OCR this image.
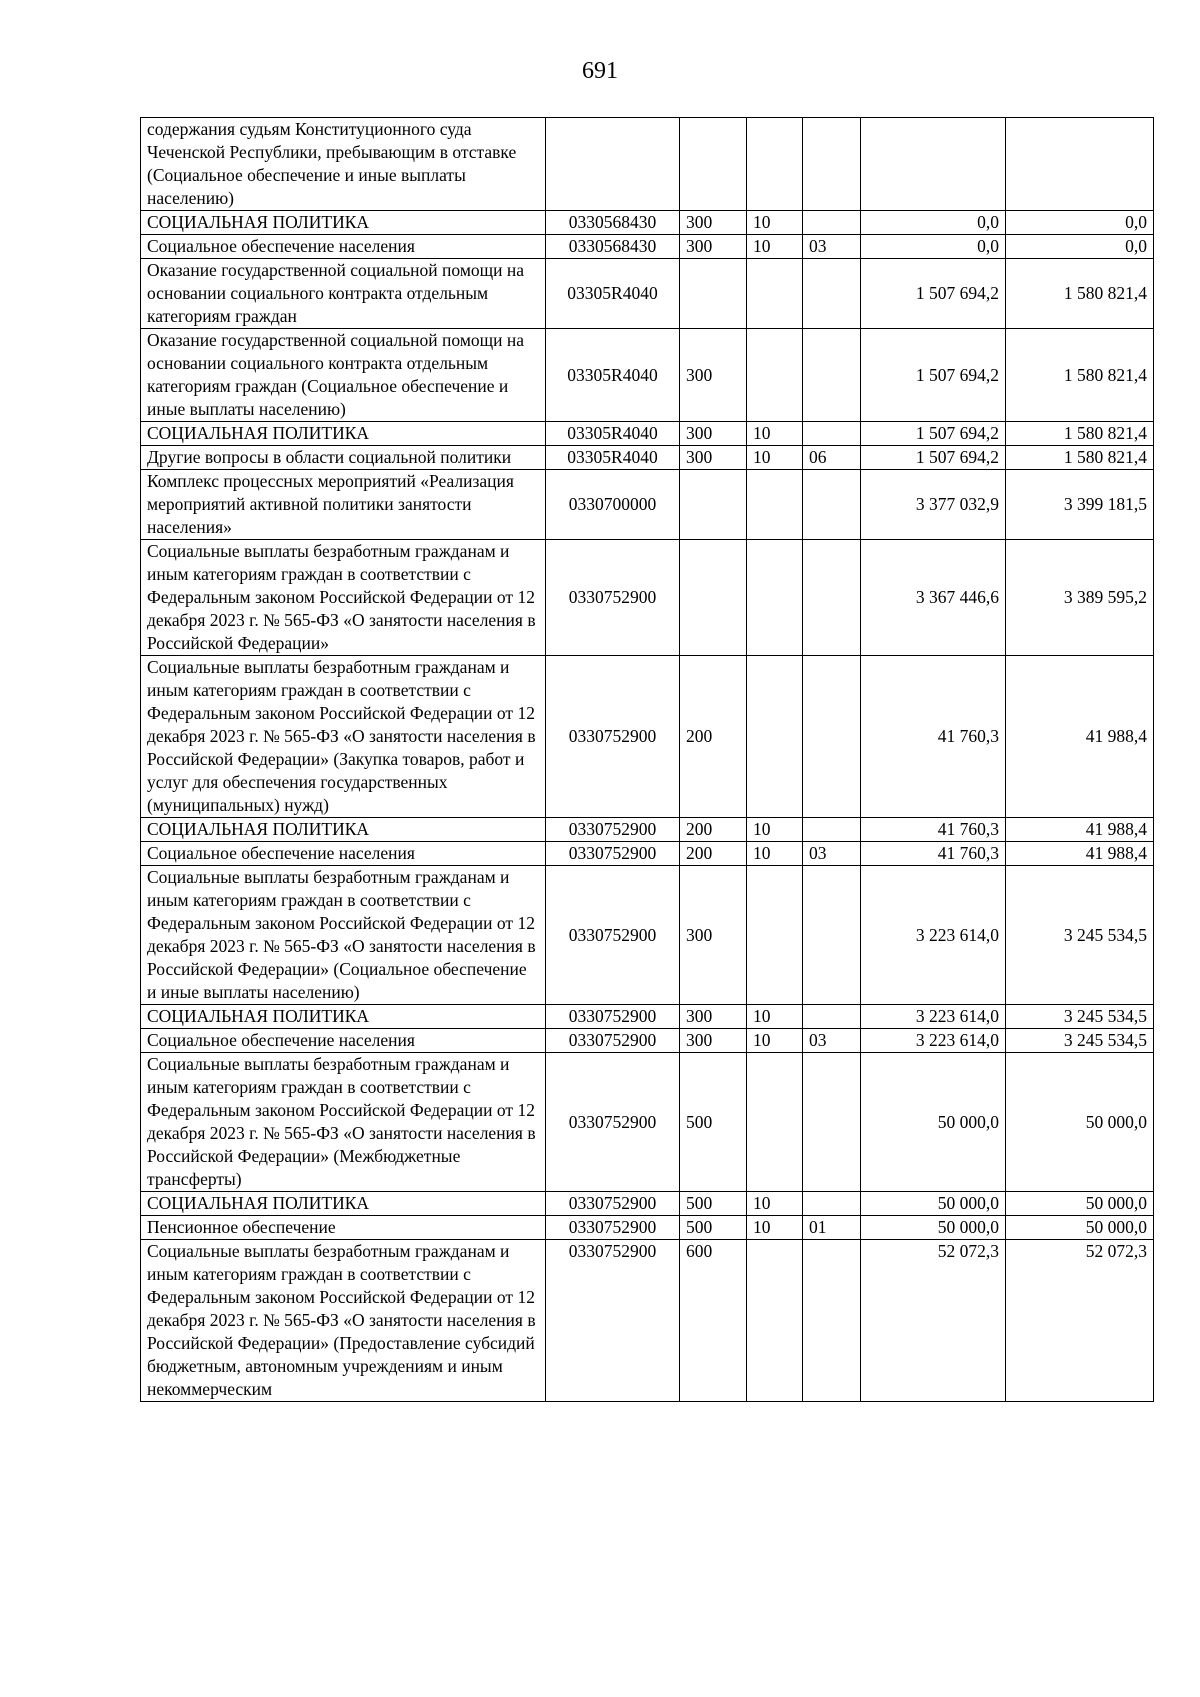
691
содержания судьям Конституционного суда Чеченской Республики, пребывающим в отставке (Социальное обеспечение и иные выплаты населению)						
СОЦИАЛЬНАЯ ПОЛИТИКА	0330568430	300	10		0,0	0,0
Социальное обеспечение населения	0330568430	300	10	03	0,0	0,0
Оказание государственной социальной помощи на основании социального контракта отдельным категориям граждан	03305R4040				1 507 694,2	1 580 821,4
Оказание государственной социальной помощи на основании социального контракта отдельным категориям граждан (Социальное обеспечение и иные выплаты населению)	03305R4040	300			1 507 694,2	1 580 821,4
СОЦИАЛЬНАЯ ПОЛИТИКА	03305R4040	300	10		1 507 694,2	1 580 821,4
Другие вопросы в области социальной политики	03305R4040	300	10	06	1 507 694,2	1 580 821,4
Комплекс процессных мероприятий «Реализация мероприятий активной политики занятости населения»	0330700000				3 377 032,9	3 399 181,5
Социальные выплаты безработным гражданам и иным категориям граждан в соответствии с Федеральным законом Российской Федерации от 12 декабря 2023 г. № 565-ФЗ «О занятости населения в Российской Федерации»	0330752900				3 367 446,6	3 389 595,2
Социальные выплаты безработным гражданам и иным категориям граждан в соответствии с Федеральным законом Российской Федерации от 12 декабря 2023 г. № 565-ФЗ «О занятости населения в Российской Федерации» (Закупка товаров, работ и услуг для обеспечения государственных (муниципальных) нужд)	0330752900	200			41 760,3	41 988,4
СОЦИАЛЬНАЯ ПОЛИТИКА	0330752900	200	10		41 760,3	41 988,4
Социальное обеспечение населения	0330752900	200	10	03	41 760,3	41 988,4
Социальные выплаты безработным гражданам и иным категориям граждан в соответствии с Федеральным законом Российской Федерации от 12 декабря 2023 г. № 565-ФЗ «О занятости населения в Российской Федерации» (Социальное обеспечение и иные выплаты населению)	0330752900	300			3 223 614,0	3 245 534,5
СОЦИАЛЬНАЯ ПОЛИТИКА	0330752900	300	10		3 223 614,0	3 245 534,5
Социальное обеспечение населения	0330752900	300	10	03	3 223 614,0	3 245 534,5
Социальные выплаты безработным гражданам и иным категориям граждан в соответствии с Федеральным законом Российской Федерации от 12 декабря 2023 г. № 565-ФЗ «О занятости населения в Российской Федерации» (Межбюджетные трансферты)	0330752900	500			50 000,0	50 000,0
СОЦИАЛЬНАЯ ПОЛИТИКА	0330752900	500	10		50 000,0	50 000,0
Пенсионное обеспечение	0330752900	500	10	01	50 000,0	50 000,0
Социальные выплаты безработным гражданам и иным категориям граждан в соответствии с Федеральным законом Российской Федерации от 12 декабря 2023 г. № 565-ФЗ «О занятости населения в Российской Федерации» (Предоставление субсидий бюджетным, автономным учреждениям и иным некоммерческим	0330752900	600			52 072,3	52 072,3
